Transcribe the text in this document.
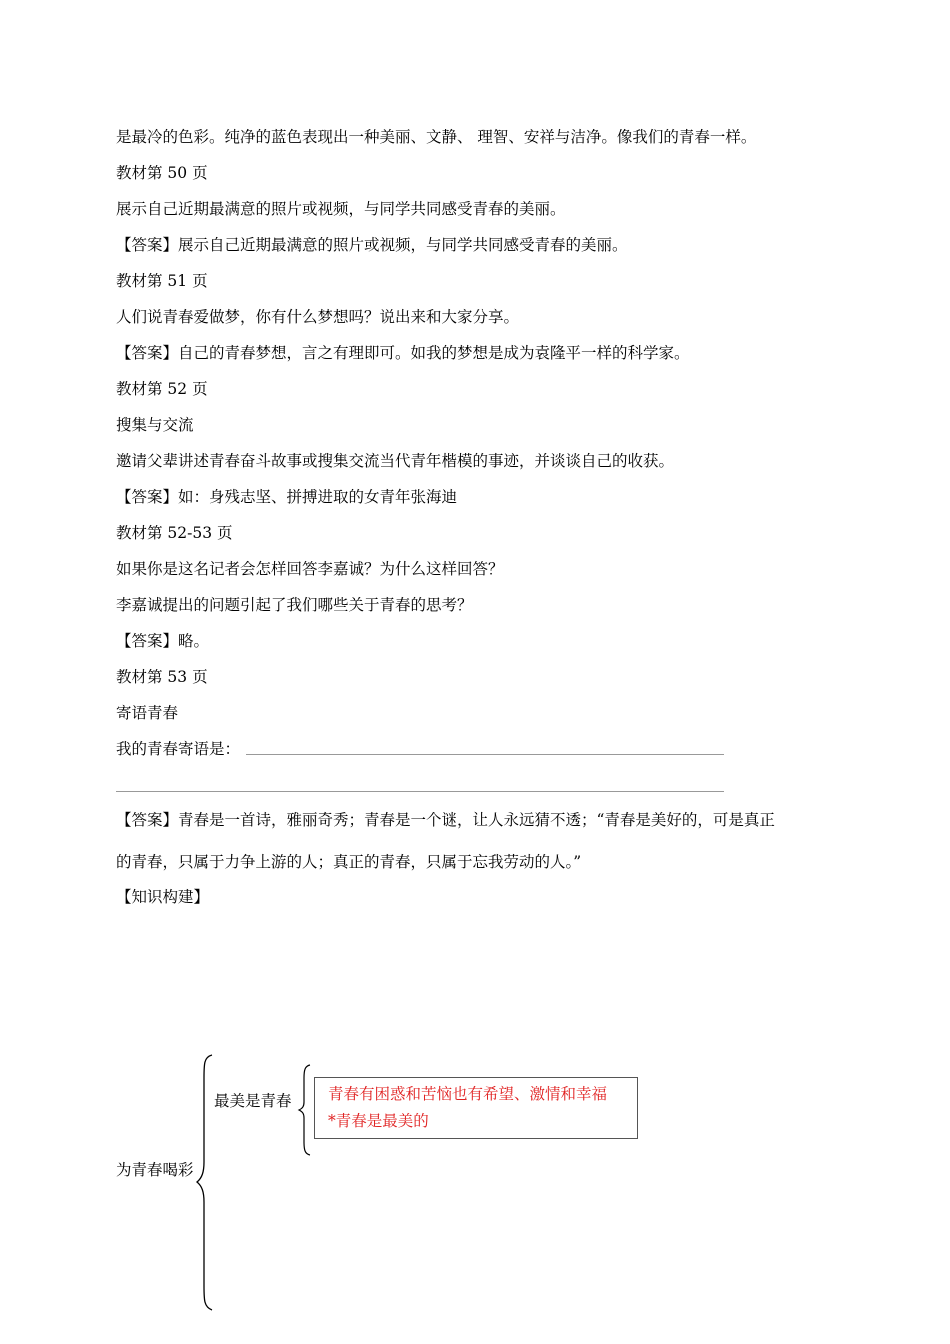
是最冷的色彩。纯净的蓝色表现出一种美丽、文静、 理智、安祥与洁净。像我们的青春一样。
教材第 50 页
展示自己近期最满意的照片或视频，与同学共同感受青春的美丽。
【答案】展示自己近期最满意的照片或视频，与同学共同感受青春的美丽。
教材第 51 页
人们说青春爱做梦，你有什么梦想吗？说出来和大家分享。
【答案】自己的青春梦想，言之有理即可。如我的梦想是成为袁隆平一样的科学家。
教材第 52 页
搜集与交流
邀请父辈讲述青春奋斗故事或搜集交流当代青年楷模的事迹，并谈谈自己的收获。
【答案】如：身残志坚、拼搏进取的女青年张海迪
教材第 52-53 页
如果你是这名记者会怎样回答李嘉诚？为什么这样回答？
李嘉诚提出的问题引起了我们哪些关于青春的思考？
【答案】略。
教材第 53 页
寄语青春
我的青春寄语是：
【答案】青春是一首诗，雅丽奇秀；青春是一个谜，让人永远猜不透；“青春是美好的，可是真正
的青春，只属于力争上游的人；真正的青春，只属于忘我劳动的人。”
【知识构建】
为青春喝彩
最美是青春 青春有困惑和苦恼也有希望、激情和幸福
*青春是最美的
